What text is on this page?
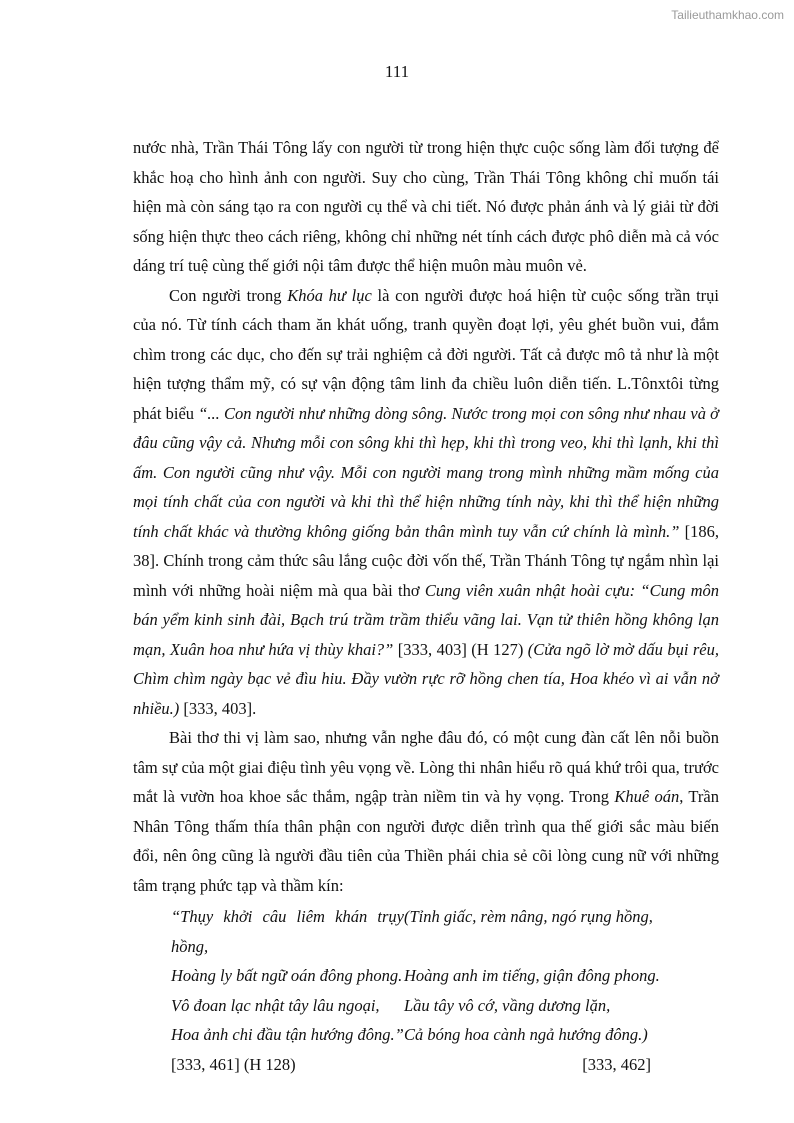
Tailieuthamkhao.com
111

nước nhà, Trần Thái Tông lấy con người từ trong hiện thực cuộc sống làm đối tượng để khắc hoạ cho hình ảnh con người. Suy cho cùng, Trần Thái Tông không chỉ muốn tái hiện mà còn sáng tạo ra con người cụ thể và chi tiết. Nó được phản ánh và lý giải từ đời sống hiện thực theo cách riêng, không chỉ những nét tính cách được phô diễn mà cả vóc dáng trí tuệ cùng thế giới nội tâm được thể hiện muôn màu muôn vẻ.

Con người trong Khóa hư lục là con người được hoá hiện từ cuộc sống trần trụi của nó. Từ tính cách tham ăn khát uống, tranh quyền đoạt lợi, yêu ghét buồn vui, đắm chìm trong các dục, cho đến sự trải nghiệm cả đời người. Tất cả được mô tả như là một hiện tượng thẩm mỹ, có sự vận động tâm linh đa chiều luôn diễn tiến. L.Tônxtôi từng phát biểu “... Con người như những dòng sông. Nước trong mọi con sông như nhau và ở đâu cũng vậy cả. Nhưng mỗi con sông khi thì hẹp, khi thì trong veo, khi thì lạnh, khi thì ấm. Con người cũng như vậy. Mỗi con người mang trong mình những mầm mống của mọi tính chất của con người và khi thì thể hiện những tính này, khi thì thể hiện những tính chất khác và thường không giống bản thân mình tuy vẫn cứ chính là mình.” [186, 38]. Chính trong cảm thức sâu lắng cuộc đời vốn thế, Trần Thánh Tông tự ngắm nhìn lại mình với những hoài niệm mà qua bài thơ Cung viên xuân nhật hoài cựu: “Cung môn bán yểm kinh sinh đài, Bạch trú trầm trầm thiểu vãng lai. Vạn tử thiên hồng không lạn mạn, Xuân hoa như hứa vị thùy khai?” [333, 403] (H 127) (Cửa ngõ lờ mờ dấu bụi rêu, Chìm chìm ngày bạc vẻ đìu hiu. Đầy vườn rực rỡ hồng chen tía, Hoa khéo vì ai vẫn nở nhiều.) [333, 403].

Bài thơ thi vị làm sao, nhưng vẫn nghe đâu đó, có một cung đàn cất lên nỗi buồn tâm sự của một giai điệu tình yêu vọng về. Lòng thi nhân hiểu rõ quá khứ trôi qua, trước mắt là vườn hoa khoe sắc thắm, ngập tràn niềm tin và hy vọng. Trong Khuê oán, Trần Nhân Tông thấm thía thân phận con người được diễn trình qua thế giới sắc màu biến đổi, nên ông cũng là người đầu tiên của Thiền phái chia sẻ cõi lòng cung nữ với những tâm trạng phức tạp và thầm kín:

“Thụy khởi câu liêm khán trụy hồng,
(Tỉnh giấc, rèm nâng, ngó rụng hồng,
Hoàng ly bất ngữ oán đông phong. Hoàng anh im tiếng, giận đông phong.
Vô đoan lạc nhật tây lâu ngoại,	Lầu tây vô cớ, vầng dương lặn,
Hoa ảnh chi đầu tận hướng đông.” Cả bóng hoa cành ngả hướng đông.)
[333, 461] (H 128)	[333, 462]
